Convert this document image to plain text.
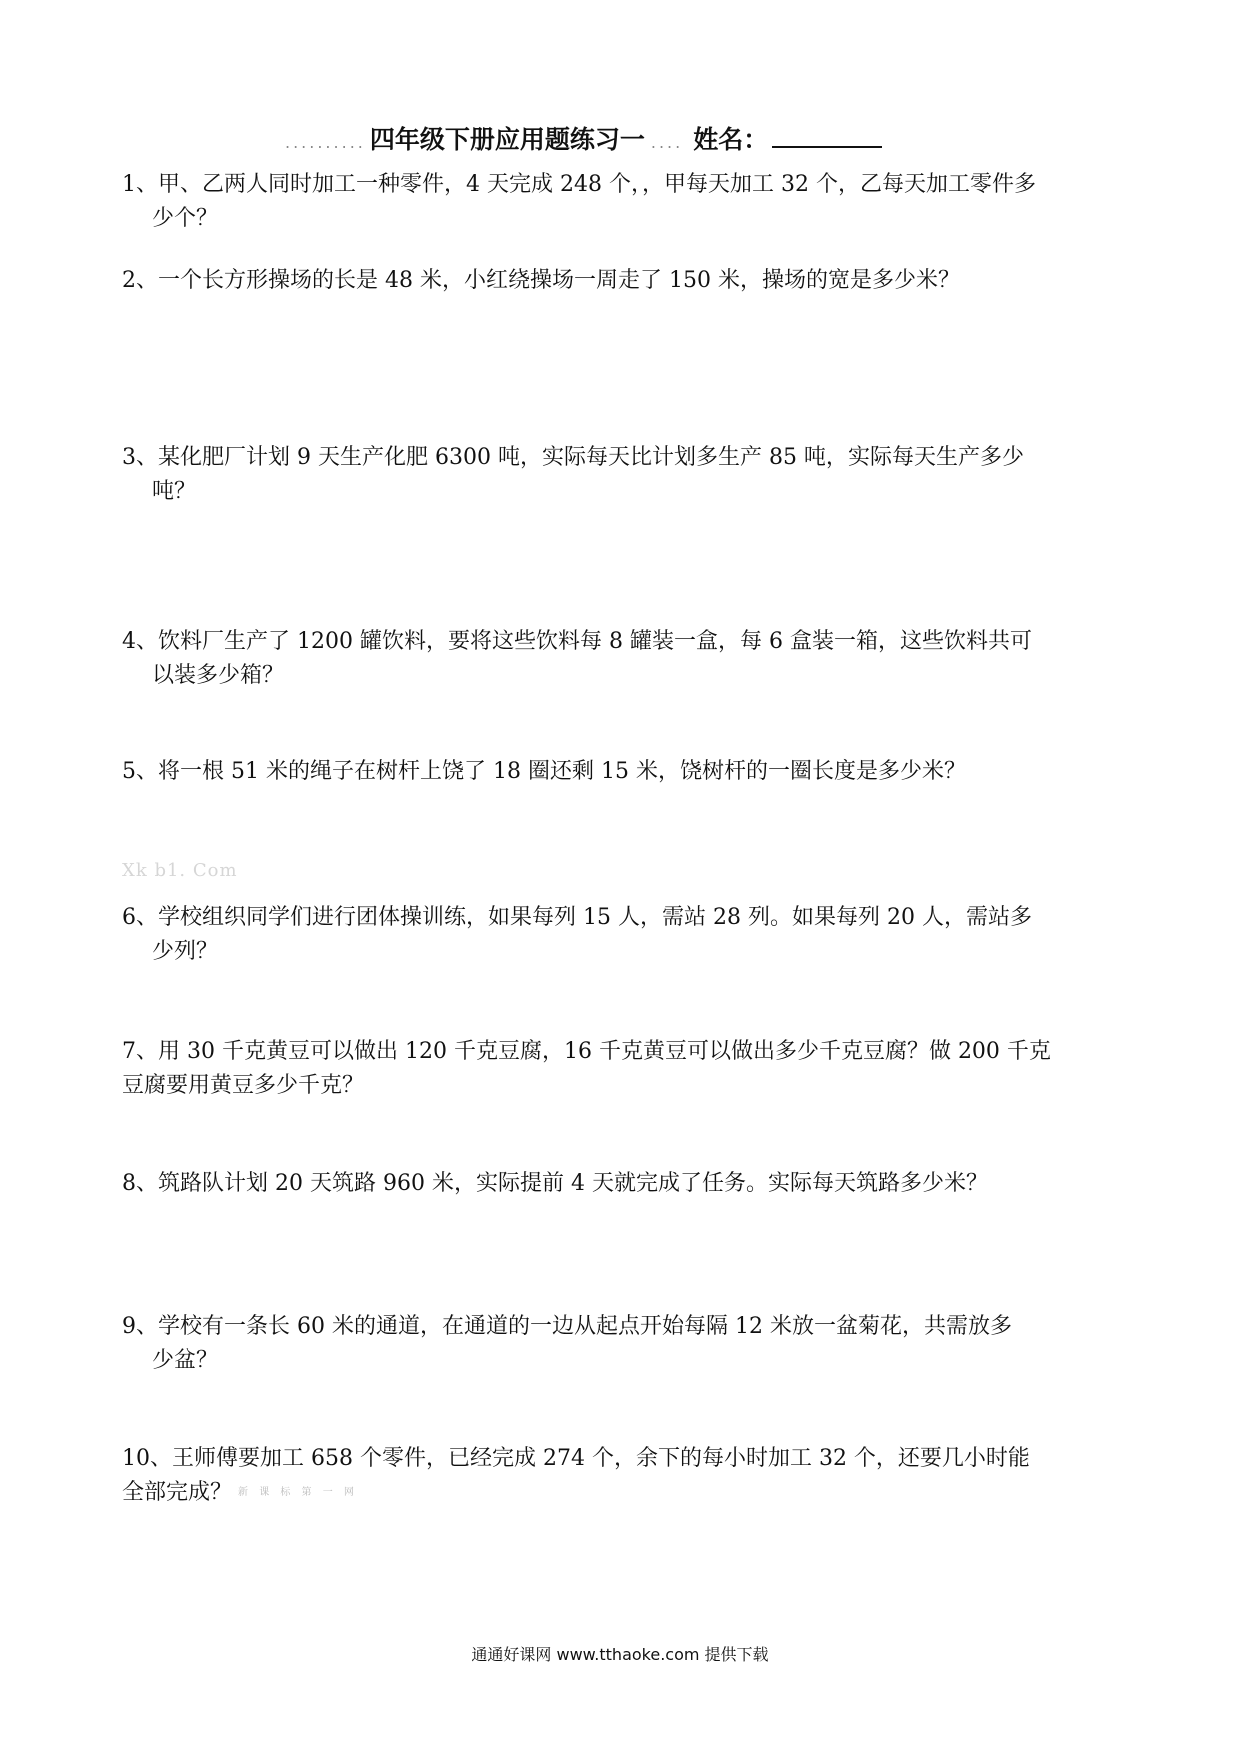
.......... 四年级下册应用题练习一 .... 姓名：
1、甲、乙两人同时加工一种零件，4 天完成 248 个，，甲每天加工 32 个，乙每天加工零件多
少个？
2、一个长方形操场的长是 48 米，小红绕操场一周走了 150 米，操场的宽是多少米？
3、某化肥厂计划 9 天生产化肥 6300 吨，实际每天比计划多生产 85 吨，实际每天生产多少
吨？
4、饮料厂生产了 1200 罐饮料，要将这些饮料每 8 罐装一盒，每 6 盒装一箱，这些饮料共可
以装多少箱？
5、将一根 51 米的绳子在树杆上饶了 18 圈还剩 15 米，饶树杆的一圈长度是多少米？
Xk b1. Com
6、学校组织同学们进行团体操训练，如果每列 15 人，需站 28 列。如果每列 20 人，需站多
少列？
7、用 30 千克黄豆可以做出 120 千克豆腐，16 千克黄豆可以做出多少千克豆腐？做 200 千克
豆腐要用黄豆多少千克？
8、筑路队计划 20 天筑路 960 米，实际提前 4 天就完成了任务。实际每天筑路多少米？
9、学校有一条长 60 米的通道，在通道的一边从起点开始每隔 12 米放一盆菊花，共需放多
少盆？
10、王师傅要加工 658 个零件，已经完成 274 个，余下的每小时加工 32 个，还要几小时能
全部完成？ 新 课 标 第 一 网
通通好课网 www.tthaoke.com 提供下载
